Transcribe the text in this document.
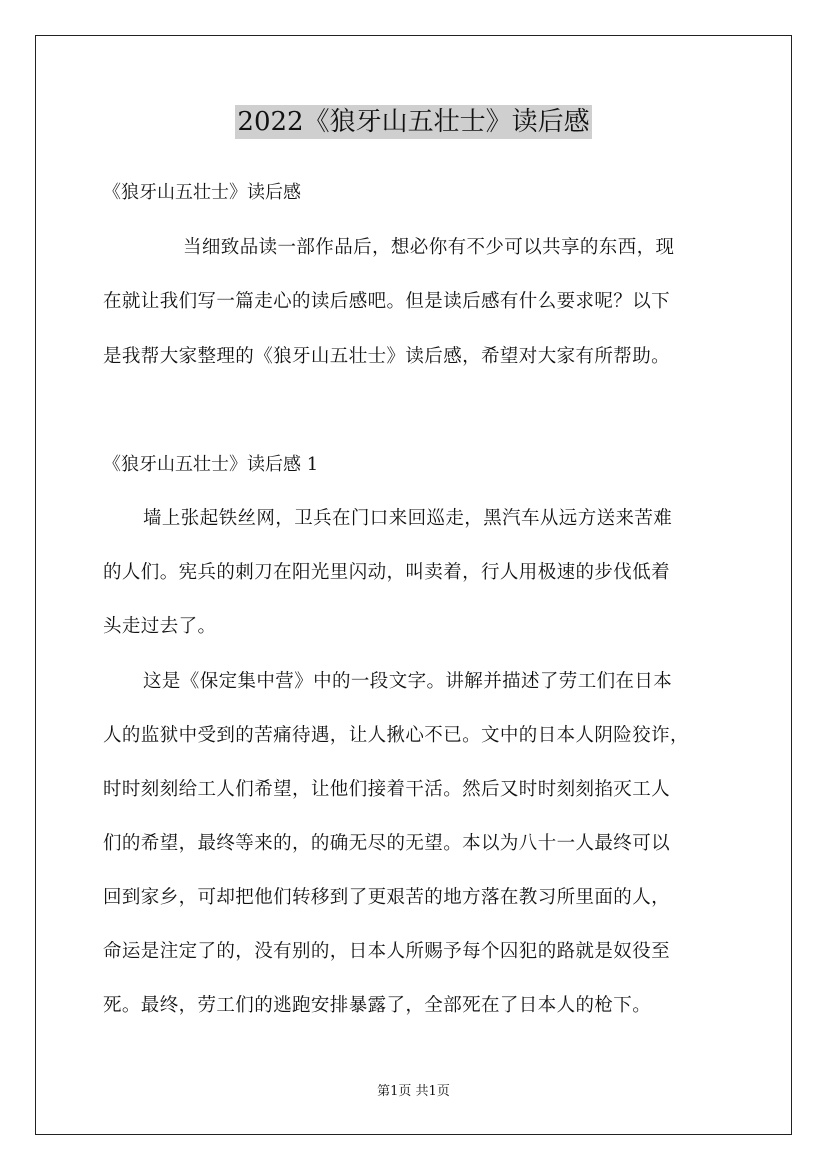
2022《狼牙山五壮士》读后感
《狼牙山五壮士》读后感
当细致品读一部作品后，想必你有不少可以共享的东西，现
在就让我们写一篇走心的读后感吧。但是读后感有什么要求呢？以下
是我帮大家整理的《狼牙山五壮士》读后感，希望对大家有所帮助。
《狼牙山五壮士》读后感 1
墙上张起铁丝网，卫兵在门口来回巡走，黑汽车从远方送来苦难
的人们。宪兵的刺刀在阳光里闪动，叫卖着，行人用极速的步伐低着
头走过去了。
这是《保定集中营》中的一段文字。讲解并描述了劳工们在日本
人的监狱中受到的苦痛待遇，让人揪心不已。文中的日本人阴险狡诈，
时时刻刻给工人们希望，让他们接着干活。然后又时时刻刻掐灭工人
们的希望，最终等来的，的确无尽的无望。本以为八十一人最终可以
回到家乡，可却把他们转移到了更艰苦的地方落在教习所里面的人，
命运是注定了的，没有别的，日本人所赐予每个囚犯的路就是奴役至
死。最终，劳工们的逃跑安排暴露了，全部死在了日本人的枪下。
第1页 共1页
